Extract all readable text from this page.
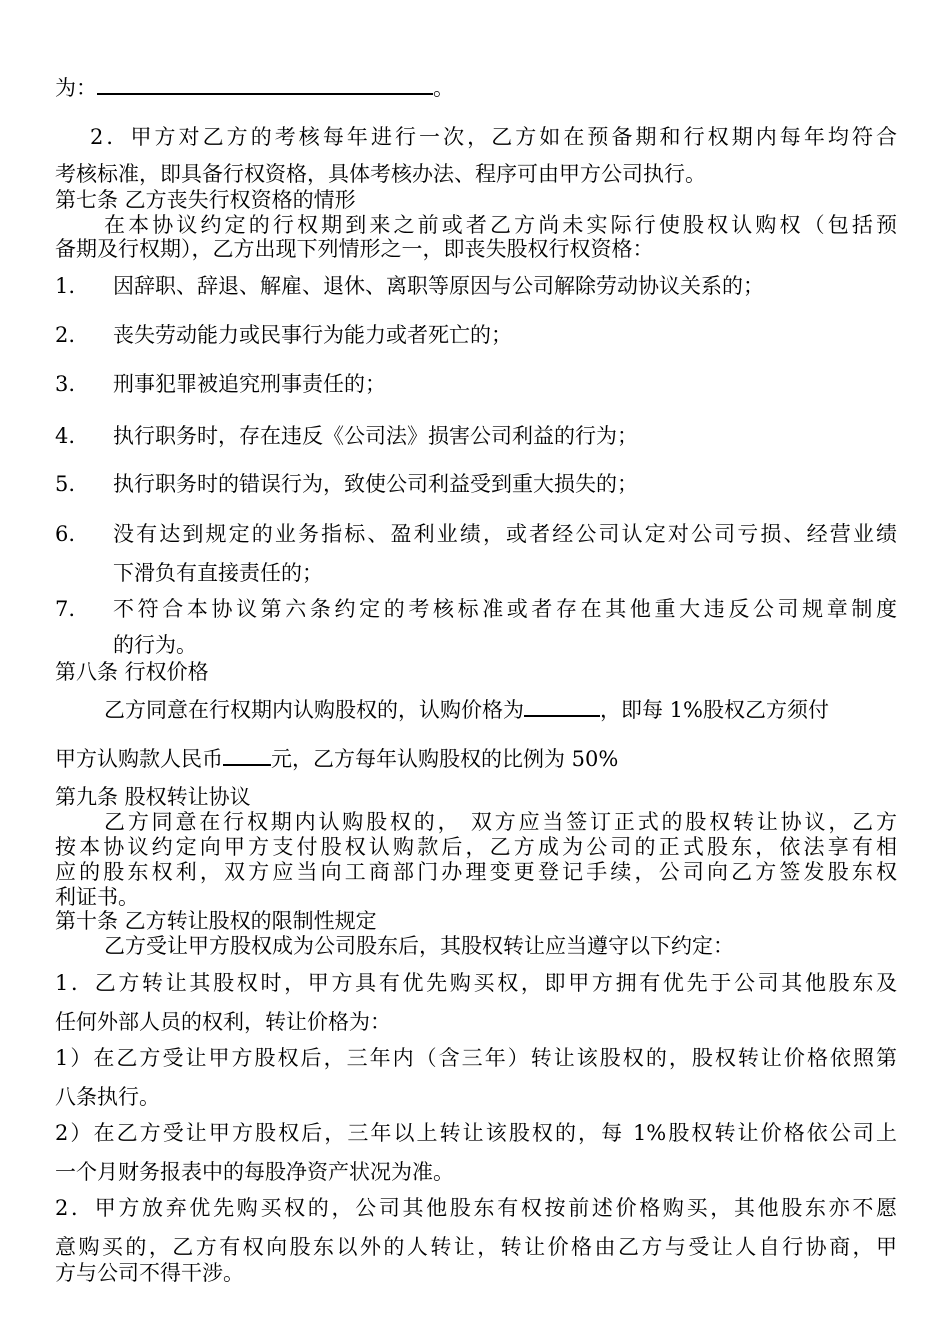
为：	。
2．甲方对乙方的考核每年进行一次，乙方如在预备期和行权期内每年均符合
考核标准，即具备行权资格，具体考核办法、程序可由甲方公司执行。
第七条 乙方丧失行权资格的情形
在本协议约定的行权期到来之前或者乙方尚未实际行使股权认购权（包括预
备期及行权期），乙方出现下列情形之一，即丧失股权行权资格：
1. 因辞职、辞退、解雇、退休、离职等原因与公司解除劳动协议关系的；
2. 丧失劳动能力或民事行为能力或者死亡的；
3. 刑事犯罪被追究刑事责任的；
4. 执行职务时，存在违反《公司法》损害公司利益的行为；
5. 执行职务时的错误行为，致使公司利益受到重大损失的；
6.	没有达到规定的业务指标、盈利业绩，或者经公司认定对公司亏损、经营业绩
下滑负有直接责任的；
7.	不符合本协议第六条约定的考核标准或者存在其他重大违反公司规章制度
的行为。
第八条 行权价格
乙方同意在行权期内认购股权的，认购价格为	，即每 1%股权乙方须付
甲方认购款人民币 元，乙方每年认购股权的比例为 50%
第九条 股权转让协议
乙方同意在行权期内认购股权的， 双方应当签订正式的股权转让协议，乙方
按本协议约定向甲方支付股权认购款后，乙方成为公司的正式股东，依法享有相
应的股东权利，双方应当向工商部门办理变更登记手续，公司向乙方签发股东权
利证书。
第十条 乙方转让股权的限制性规定
乙方受让甲方股权成为公司股东后，其股权转让应当遵守以下约定：
1．乙方转让其股权时，甲方具有优先购买权，即甲方拥有优先于公司其他股东及
任何外部人员的权利，转让价格为：
1）在乙方受让甲方股权后，三年内（含三年）转让该股权的，股权转让价格依照第
八条执行。
2）在乙方受让甲方股权后，三年以上转让该股权的，每 1%股权转让价格依公司上
一个月财务报表中的每股净资产状况为准。
2．甲方放弃优先购买权的，公司其他股东有权按前述价格购买，其他股东亦不愿
意购买的，乙方有权向股东以外的人转让，转让价格由乙方与受让人自行协商，甲
方与公司不得干涉。
